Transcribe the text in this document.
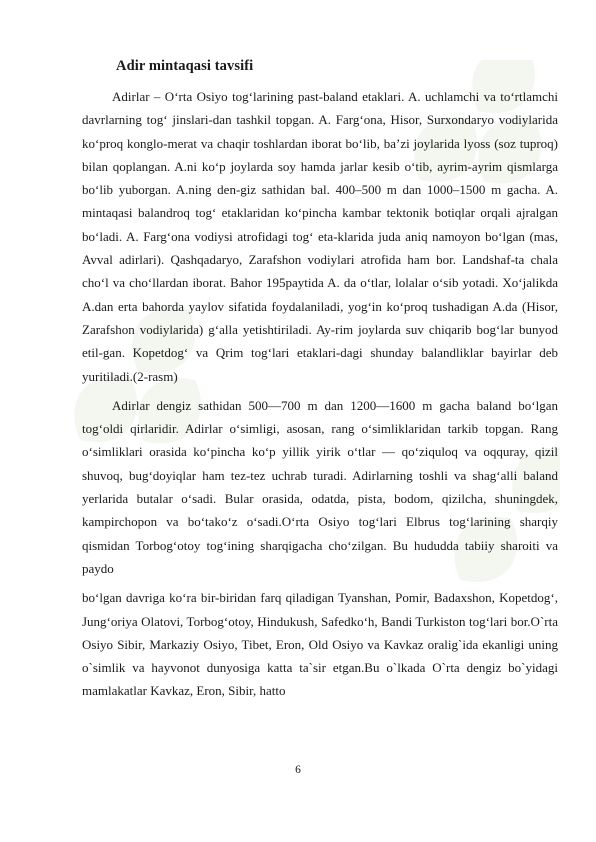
Adir mintaqasi tavsifi

Adirlar – O‘rta Osiyo tog‘larining past-baland etaklari. A. uchlamchi va to‘rtlamchi davrlarning tog‘ jinslari-dan tashkil topgan. A. Farg‘ona, Hisor, Surxondaryo vodiylarida ko‘proq konglo-merat va chaqir toshlardan iborat bo‘lib, ba’zi joylarida lyoss (soz tuproq) bilan qoplangan. A.ni ko‘p joylarda soy hamda jarlar kesib o‘tib, ayrim-ayrim qismlarga bo‘lib yuborgan. A.ning den-giz sathidan bal. 400–500 m dan 1000–1500 m gacha. A. mintaqasi balandroq tog‘ etaklaridan ko‘pincha kambar tektonik botiqlar orqali ajralgan bo‘ladi. A. Farg‘ona vodiysi atrofidagi tog‘ eta-klarida juda aniq namoyon bo‘lgan (mas, Avval adirlari). Qashqadaryo, Zarafshon vodiylari atrofida ham bor. Landshaf-ta chala cho‘l va cho‘llardan iborat. Bahor 195paytida A. da o‘tlar, lolalar o‘sib yotadi. Xo‘jalikda A.dan erta bahorda yaylov sifatida foydalaniladi, yog‘in ko‘proq tushadigan A.da (Hisor, Zarafshon vodiylarida) g‘alla yetishtiriladi. Ay-rim joylarda suv chiqarib bog‘lar bunyod etil-gan. Kopetdog‘ va Qrim tog‘lari etaklari-dagi shunday balandliklar bayirlar deb yuritiladi.(2-rasm)

Adirlar dengiz sathidan 500—700 m dan 1200—1600 m gacha baland bo‘lgan tog‘oldi qirlaridir. Adirlar o‘simligi, asosan, rang o‘simliklaridan tarkib topgan. Rang o‘simliklari orasida ko‘pincha ko‘p yillik yirik o‘tlar — qo‘ziquloq va oqquray, qizil shuvoq, bug‘doyiqlar ham tez-tez uchrab turadi. Adirlarning toshli va shag‘alli baland yerlarida butalar o‘sadi. Bular orasida, odatda, pista, bodom, qizilcha, shuningdek, kampirchopon va bo‘tako‘z o‘sadi.O‘rta Osiyo tog‘lari Elbrus tog‘larining sharqiy qismidan Torbog‘otoy tog‘ining sharqigacha cho‘zilgan. Bu hududda tabiiy sharoiti va paydo

bo‘lgan davriga ko‘ra bir-biridan farq qiladigan Tyanshan, Pomir, Badaxshon, Kopetdog‘, Jung‘oriya Olatovi, Torbog‘otoy, Hindukush, Safedko‘h, Bandi Turkiston tog‘lari bor.O`rta Osiyo Sibir, Markaziy Osiyo, Tibet, Eron, Old Osiyo va Kavkaz oralig`ida ekanligi uning o`simlik va hayvonot dunyosiga katta ta`sir etgan.Bu o`lkada O`rta dengiz bo`yidagi mamlakatlar Kavkaz, Eron, Sibir, hatto

6
